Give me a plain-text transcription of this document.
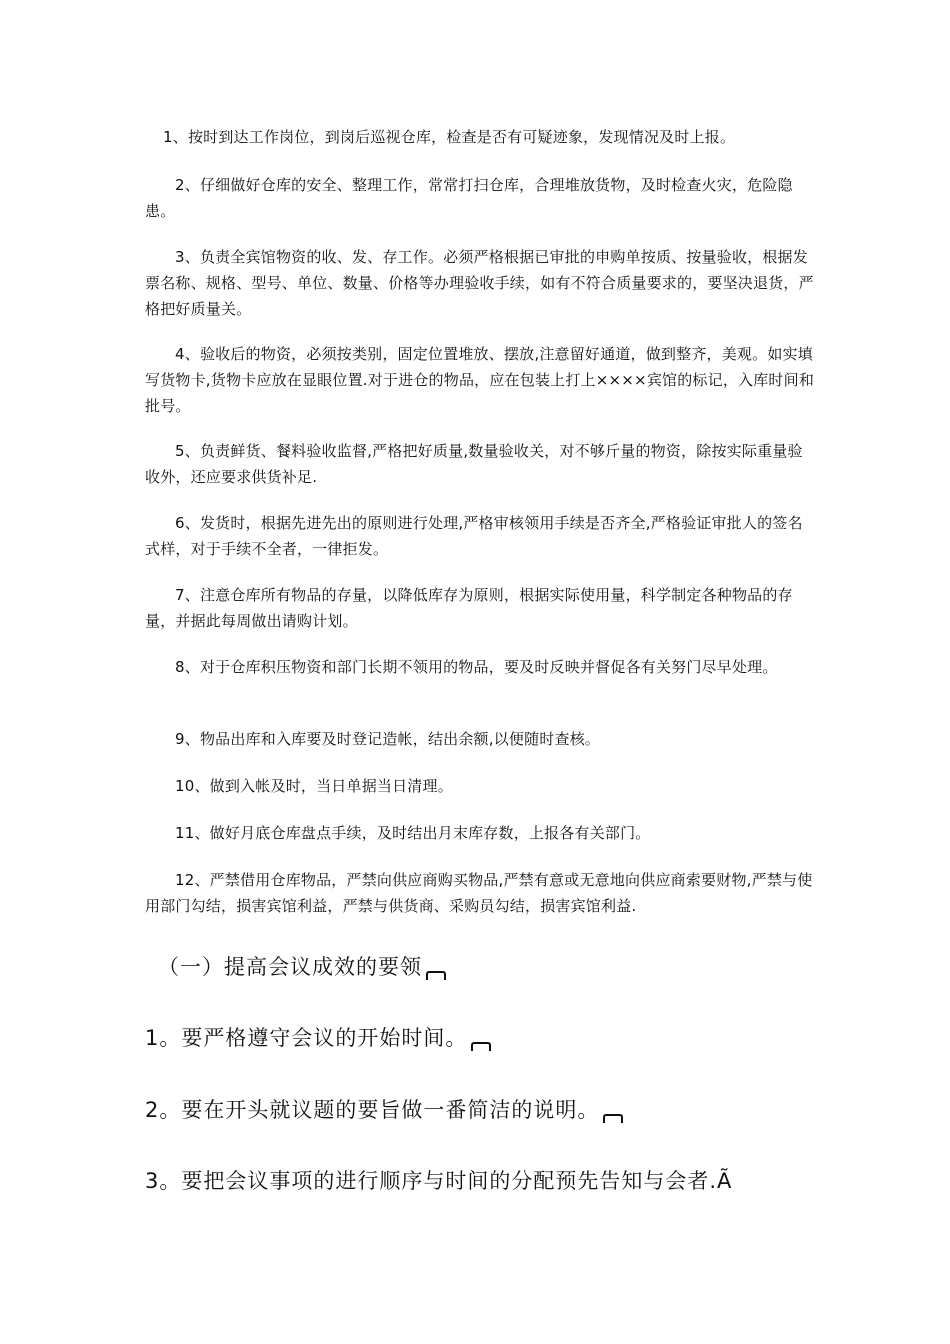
1、按时到达工作岗位，到岗后巡视仓库，检查是否有可疑迹象，发现情况及时上报。

2、仔细做好仓库的安全、整理工作，常常打扫仓库，合理堆放货物，及时检查火灾，危险隐患。

3、负责全宾馆物资的收、发、存工作。必须严格根据已审批的申购单按质、按量验收，根据发票名称、规格、型号、单位、数量、价格等办理验收手续，如有不符合质量要求的，要坚决退货，严格把好质量关。

4、验收后的物资，必须按类别，固定位置堆放、摆放,注意留好通道，做到整齐，美观。如实填写货物卡,货物卡应放在显眼位置.对于进仓的物品，应在包装上打上××××宾馆的标记，入库时间和批号。

5、负责鲜货、餐料验收监督,严格把好质量,数量验收关，对不够斤量的物资，除按实际重量验收外，还应要求供货补足.

6、发货时，根据先进先出的原则进行处理,严格审核领用手续是否齐全,严格验证审批人的签名式样，对于手续不全者，一律拒发。

7、注意仓库所有物品的存量，以降低库存为原则，根据实际使用量，科学制定各种物品的存量，并据此每周做出请购计划。

8、对于仓库积压物资和部门长期不领用的物品，要及时反映并督促各有关努门尽早处理。

9、物品出库和入库要及时登记造帐，结出余额,以便随时查核。

10、做到入帐及时，当日单据当日清理。

11、做好月底仓库盘点手续，及时结出月末库存数，上报各有关部门。

12、严禁借用仓库物品，严禁向供应商购买物品,严禁有意或无意地向供应商索要财物,严禁与使用部门勾结，损害宾馆利益，严禁与供货商、采购员勾结，损害宾馆利益.

（一）提高会议成效的要领

1。要严格遵守会议的开始时间。

2。要在开头就议题的要旨做一番简洁的说明。

3。要把会议事项的进行顺序与时间的分配预先告知与会者.Ã
